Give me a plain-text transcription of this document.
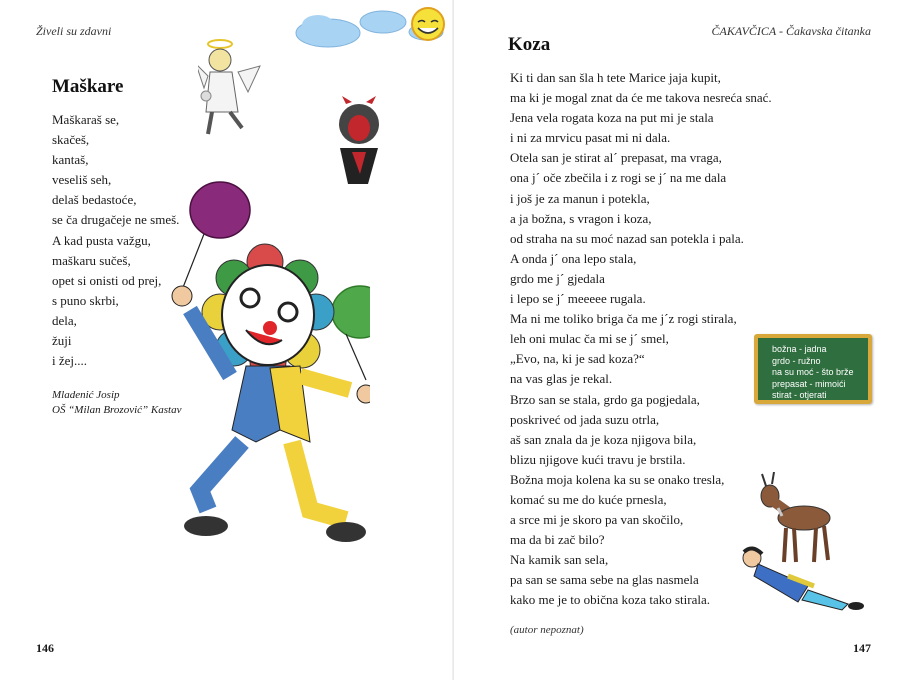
Živeli su zdavni
Maškare
Maškaraš se,
skačeš,
kantaš,
veseliš seh,
delaš bedastoće,
se ča drugačeje ne smeš.
A kad pusta važgu,
maškaru sučeš,
opet si onisti od prej,
s puno skrbi,
dela,
žuji
i žej....
Mladenić Josip
OŠ “Milan Brozović” Kastav
146
ČAKAVČICA - Čakavska čitanka
Koza
Ki ti dan san šla h tete Marice jaja kupit,
ma ki je mogal znat da će me takova nesreća snać.
Jena vela rogata koza na put mi je stala
i ni za mrvicu pasat mi ni dala.
Otela san je stirat al´ prepasat, ma vraga,
ona j´ oče zbečila i z rogi se j´ na me dala
i još je za manun i potekla,
a ja božna, s vragon i koza,
od straha na su moć nazad san potekla i pala.
A onda j´ ona lepo stala,
grdo me j´ gjedala
i lepo se j´ meeeee rugala.
Ma ni me toliko briga ča me j´z rogi stirala,
leh oni mulac ča mi se j´ smel,
„Evo, na, ki je sad koza?“
na vas glas je rekal.
Brzo san se stala, grdo ga pogjedala,
poskriveć od jada suzu otrla,
aš san znala da je koza njigova bila,
blizu njigove kući travu je brstila.
Božna moja kolena ka su se onako tresla,
komać su me do kuće prnesla,
a srce mi je skoro pa van skočilo,
ma da bi zač bilo?
Na kamik san sela,
pa san se sama sebe na glas nasmela
kako me je to obična koza tako stirala.
božna - jadna
grdo - ružno
na su moć - što brže
prepasat - mimoići
stirat - otjerati
(autor nepoznat)
147
